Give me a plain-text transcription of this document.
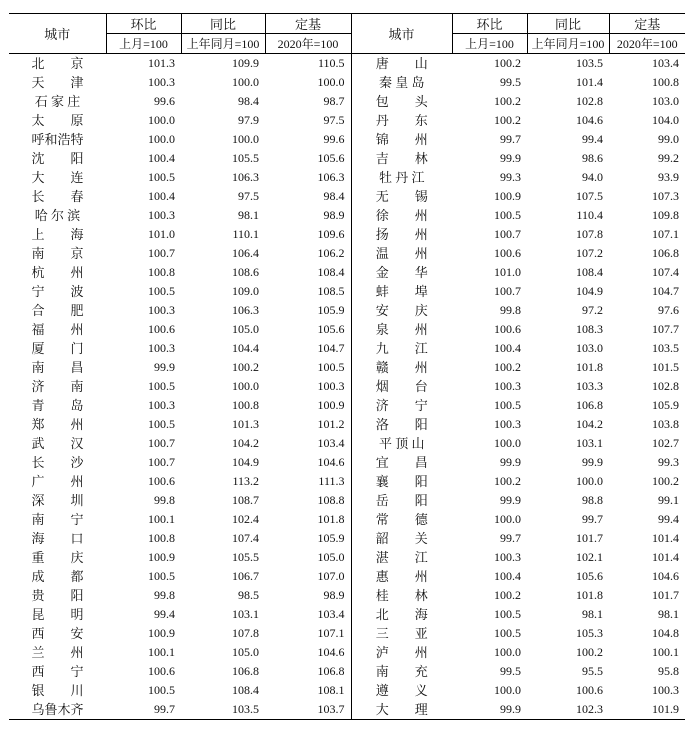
城市	环比	同比	定基	城市	环比	同比	定基
	上月=100	上年同月=100	2020年=100		上月=100	上年同月=100	2020年=100
北　　京	101.3	109.9	110.5	唐　　山	100.2	103.5	103.4
天　　津	100.3	100.0	100.0	秦 皇 岛	99.5	101.4	100.8
石 家 庄	99.6	98.4	98.7	包　　头	100.2	102.8	103.0
太　　原	100.0	97.9	97.5	丹　　东	100.2	104.6	104.0
呼和浩特	100.0	100.0	99.6	锦　　州	99.7	99.4	99.0
沈　　阳	100.4	105.5	105.6	吉　　林	99.9	98.6	99.2
大　　连	100.5	106.3	106.3	牡 丹 江	99.3	94.0	93.9
长　　春	100.4	97.5	98.4	无　　锡	100.9	107.5	107.3
哈 尔 滨	100.3	98.1	98.9	徐　　州	100.5	110.4	109.8
上　　海	101.0	110.1	109.6	扬　　州	100.7	107.8	107.1
南　　京	100.7	106.4	106.2	温　　州	100.6	107.2	106.8
杭　　州	100.8	108.6	108.4	金　　华	101.0	108.4	107.4
宁　　波	100.5	109.0	108.5	蚌　　埠	100.7	104.9	104.7
合　　肥	100.3	106.3	105.9	安　　庆	99.8	97.2	97.6
福　　州	100.6	105.0	105.6	泉　　州	100.6	108.3	107.7
厦　　门	100.3	104.4	104.7	九　　江	100.4	103.0	103.5
南　　昌	99.9	100.2	100.5	赣　　州	100.2	101.8	101.5
济　　南	100.5	100.0	100.3	烟　　台	100.3	103.3	102.8
青　　岛	100.3	100.8	100.9	济　　宁	100.5	106.8	105.9
郑　　州	100.5	101.3	101.2	洛　　阳	100.3	104.2	103.8
武　　汉	100.7	104.2	103.4	平 顶 山	100.0	103.1	102.7
长　　沙	100.7	104.9	104.6	宜　　昌	99.9	99.9	99.3
广　　州	100.6	113.2	111.3	襄　　阳	100.2	100.0	100.2
深　　圳	99.8	108.7	108.8	岳　　阳	99.9	98.8	99.1
南　　宁	100.1	102.4	101.8	常　　德	100.0	99.7	99.4
海　　口	100.8	107.4	105.9	韶　　关	99.7	101.7	101.4
重　　庆	100.9	105.5	105.0	湛　　江	100.3	102.1	101.4
成　　都	100.5	106.7	107.0	惠　　州	100.4	105.6	104.6
贵　　阳	99.8	98.5	98.9	桂　　林	100.2	101.8	101.7
昆　　明	99.4	103.1	103.4	北　　海	100.5	98.1	98.1
西　　安	100.9	107.8	107.1	三　　亚	100.5	105.3	104.8
兰　　州	100.1	105.0	104.6	泸　　州	100.0	100.2	100.1
西　　宁	100.6	106.8	106.8	南　　充	99.5	95.5	95.8
银　　川	100.5	108.4	108.1	遵　　义	100.0	100.6	100.3
乌鲁木齐	99.7	103.5	103.7	大　　理	99.9	102.3	101.9
